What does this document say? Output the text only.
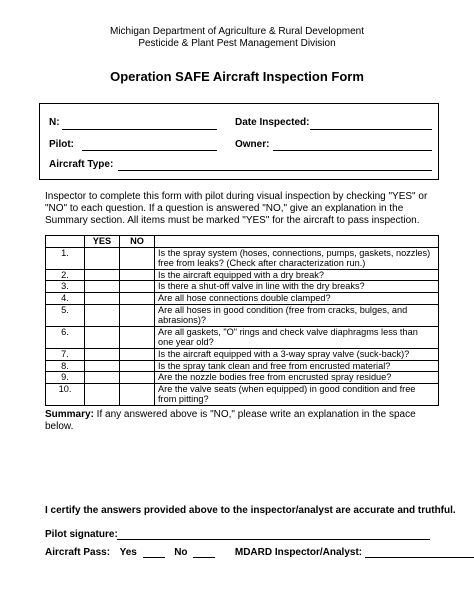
Michigan Department of Agriculture & Rural Development
Pesticide & Plant Pest Management Division
Operation SAFE Aircraft Inspection Form
N:	Date Inspected:
Pilot:	Owner:
Aircraft Type:
Inspector to complete this form with pilot during visual inspection by checking "YES" or "NO" to each question. If a question is answered "NO," give an explanation in the Summary section. All items must be marked "YES" for the aircraft to pass inspection.
	YES	NO	
1.			Is the spray system (hoses, connections, pumps, gaskets, nozzles) free from leaks? (Check after characterization run.)
2.			Is the aircraft equipped with a dry break?
3.			Is there a shut-off valve in line with the dry breaks?
4.			Are all hose connections double clamped?
5.			Are all hoses in good condition (free from cracks, bulges, and abrasions)?
6.			Are all gaskets, "O" rings and check valve diaphragms less than one year old?
7.			Is the aircraft equipped with a 3-way spray valve (suck-back)?
8.			Is the spray tank clean and free from encrusted material?
9.			Are the nozzle bodies free from encrusted spray residue?
10.			Are the valve seats (when equipped) in good condition and free from pitting?
Summary: If any answered above is "NO," please write an explanation in the space below.
I certify the answers provided above to the inspector/analyst are accurate and truthful.
Pilot signature:
Aircraft Pass: Yes	No	MDARD Inspector/Analyst:
